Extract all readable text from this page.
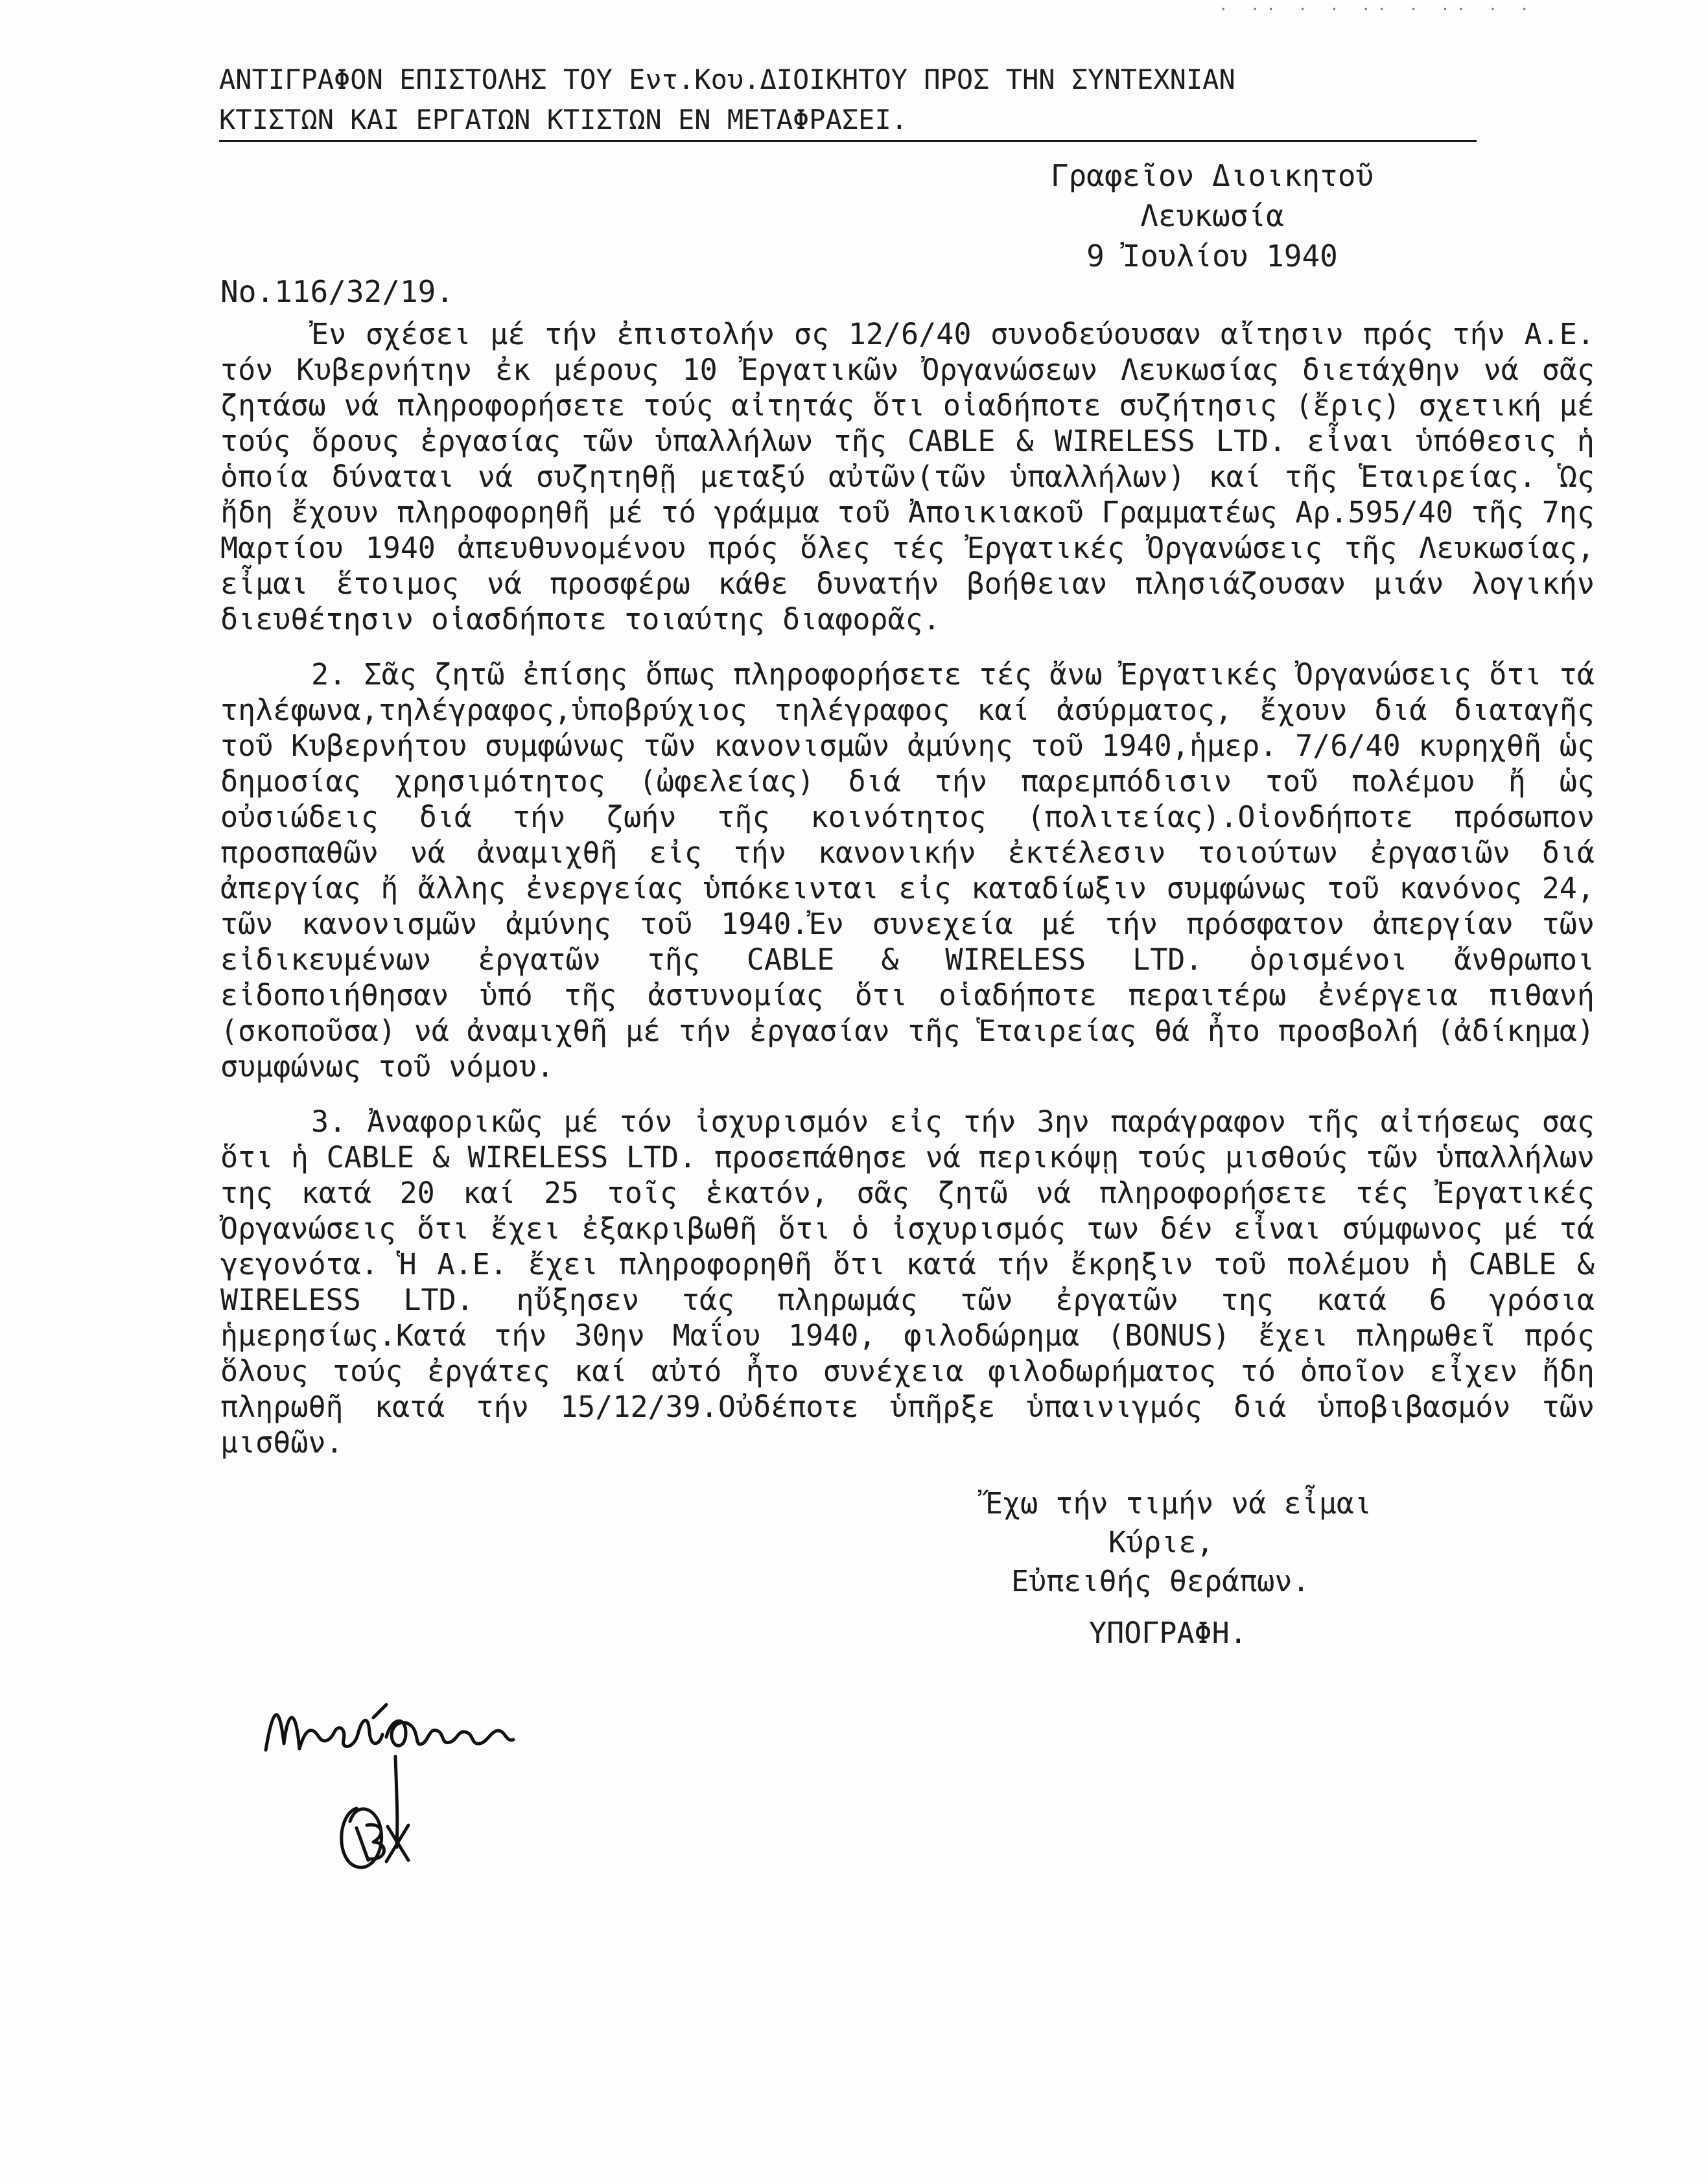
· ·· · · ·· · ·· · ·
ΑΝΤΙΓΡΑΦΟΝ ΕΠΙΣΤΟΛΗΣ ΤΟΥ Εντ.Κου.ΔΙΟΙΚΗΤΟΥ ΠΡΟΣ ΤΗΝ ΣΥΝΤΕΧΝΙΑΝ
ΚΤΙΣΤΩΝ ΚΑΙ ΕΡΓΑΤΩΝ ΚΤΙΣΤΩΝ ΕΝ ΜΕΤΑΦΡΑΣΕΙ.
Γραφεῖον Διοικητοῦ
Λευκωσία
9 Ἰουλίου 1940
No.116/32/19.

Ἐν σχέσει μέ τήν ἐπιστολήν σς 12/6/40 συνοδεύουσαν αἴτησιν πρός τήν Α.Ε. τόν Κυβερνήτην ἐκ μέρους 10 Ἐργατικῶν Ὀργανώσεων Λευκωσίας διετάχθην νά σᾶς ζητάσω νά πληροφορήσετε τούς αἰτητάς ὅτι οἱαδήποτε συζήτησις (ἔρις) σχετική μέ τούς ὅρους ἐργασίας τῶν ὑπαλλήλων τῆς CABLE & WIRELESS LTD. εἶναι ὑπόθεσις ἡ ὁποία δύναται νά συζητηθῇ μεταξύ αὐτῶν(τῶν ὑπαλλήλων) καί τῆς Ἑταιρείας. Ὡς ἤδη ἔχουν πληροφορηθῆ μέ τό γράμμα τοῦ Ἀποικιακοῦ Γραμματέως Αρ.595/40 τῆς 7ης Μαρτίου 1940 ἀπευθυνομένου πρός ὅλες τές Ἐργατικές Ὀργανώσεις τῆς Λευκωσίας, εἶμαι ἕτοιμος νά προσφέρω κάθε δυνατήν βοήθειαν πλησιάζουσαν μιάν λογικήν διευθέτησιν οἱασδήποτε τοιαύτης διαφορᾶς.

2. Σᾶς ζητῶ ἐπίσης ὅπως πληροφορήσετε τές ἄνω Ἐργατικές Ὀργανώσεις ὅτι τά τηλέφωνα,τηλέγραφος,ὑποβρύχιος τηλέγραφος καί ἀσύρματος, ἔχουν διά διαταγῆς τοῦ Κυβερνήτου συμφώνως τῶν κανονισμῶν ἀμύνης τοῦ 1940,ἡμερ. 7/6/40 κυρηχθῆ ὡς δημοσίας χρησιμότητος (ὠφελείας) διά τήν παρεμπόδισιν τοῦ πολέμου ἤ ὡς οὐσιώδεις διά τήν ζωήν τῆς κοινότητος (πολιτείας).Οἱονδήποτε πρόσωπον προσπαθῶν νά ἀναμιχθῆ εἰς τήν κανονικήν ἐκτέλεσιν τοιούτων ἐργασιῶν διά ἀπεργίας ἤ ἄλλης ἐνεργείας ὑπόκεινται εἰς καταδίωξιν συμφώνως τοῦ κανόνος 24, τῶν κανονισμῶν ἀμύνης τοῦ 1940.Ἐν συνεχεία μέ τήν πρόσφατον ἀπεργίαν τῶν εἰδικευμένων ἐργατῶν τῆς CABLE & WIRELESS LTD. ὁρισμένοι ἄνθρωποι εἰδοποιήθησαν ὑπό τῆς ἀστυνομίας ὅτι οἱαδήποτε περαιτέρω ἐνέργεια πιθανή (σκοποῦσα) νά ἀναμιχθῆ μέ τήν ἐργασίαν τῆς Ἑταιρείας θά ἦτο προσβολή (ἀδίκημα) συμφώνως τοῦ νόμου.

3. Ἀναφορικῶς μέ τόν ἰσχυρισμόν εἰς τήν 3ην παράγραφον τῆς αἰτήσεως σας ὅτι ἡ CABLE & WIRELESS LTD. προσεπάθησε νά περικόψῃ τούς μισθούς τῶν ὑπαλλήλων της κατά 20 καί 25 τοῖς ἑκατόν, σᾶς ζητῶ νά πληροφορήσετε τές Ἐργατικές Ὀργανώσεις ὅτι ἔχει ἐξακριβωθῆ ὅτι ὁ ἰσχυρισμός των δέν εἶναι σύμφωνος μέ τά γεγονότα. Ἡ Α.Ε. ἔχει πληροφορηθῆ ὅτι κατά τήν ἔκρηξιν τοῦ πολέμου ἡ CABLE & WIRELESS LTD. ηὔξησεν τάς πληρωμάς τῶν ἐργατῶν της κατά 6 γρόσια ἡμερησίως.Κατά τήν 30ην Μαΐου 1940, φιλοδώρημα (BONUS) ἔχει πληρωθεῖ πρός ὅλους τούς ἐργάτες καί αὐτό ἦτο συνέχεια φιλοδωρήματος τό ὁποῖον εἶχεν ἤδη πληρωθῆ κατά τήν 15/12/39.Οὐδέποτε ὑπῆρξε ὑπαινιγμός διά ὑποβιβασμόν τῶν μισθῶν.

Ἔχω τήν τιμήν νά εἶμαι
Κύριε,
Εὐπειθής θεράπων.
ΥΠΟΓΡΑΦΗ.
